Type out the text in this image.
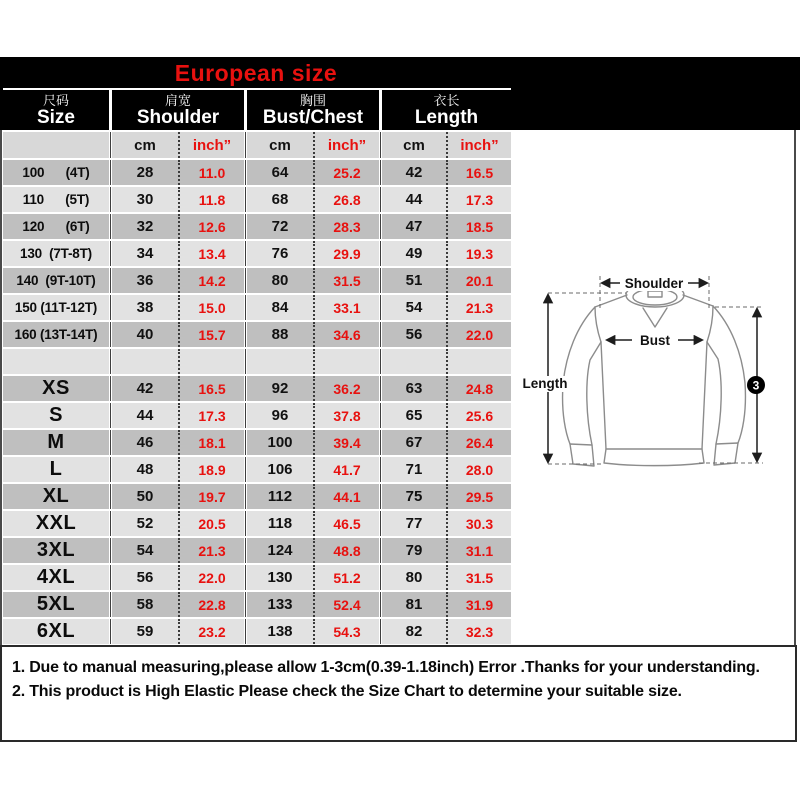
European size
尺码
Size
肩宽
Shoulder
胸围
Bust/Chest
衣长
Length
cm	inch”	cm	inch”	cm	inch”
100      (4T)	28	11.0	64	25.2	42	16.5
110      (5T)	30	11.8	68	26.8	44	17.3
120      (6T)	32	12.6	72	28.3	47	18.5
130  (7T-8T)	34	13.4	76	29.9	49	19.3
140  (9T-10T)	36	14.2	80	31.5	51	20.1
150 (11T-12T)	38	15.0	84	33.1	54	21.3
160 (13T-14T)	40	15.7	88	34.6	56	22.0
XS	42	16.5	92	36.2	63	24.8
S	44	17.3	96	37.8	65	25.6
M	46	18.1	100	39.4	67	26.4
L	48	18.9	106	41.7	71	28.0
XL	50	19.7	112	44.1	75	29.5
XXL	52	20.5	118	46.5	77	30.3
3XL	54	21.3	124	48.8	79	31.1
4XL	56	22.0	130	51.2	80	31.5
5XL	58	22.8	133	52.4	81	31.9
6XL	59	23.2	138	54.3	82	32.3
Shoulder
Bust
Length	3

1. Due to manual measuring,please allow 1-3cm(0.39-1.18inch) Error .Thanks for your understanding.

2. This product is High Elastic Please check the Size Chart to determine your suitable size.
